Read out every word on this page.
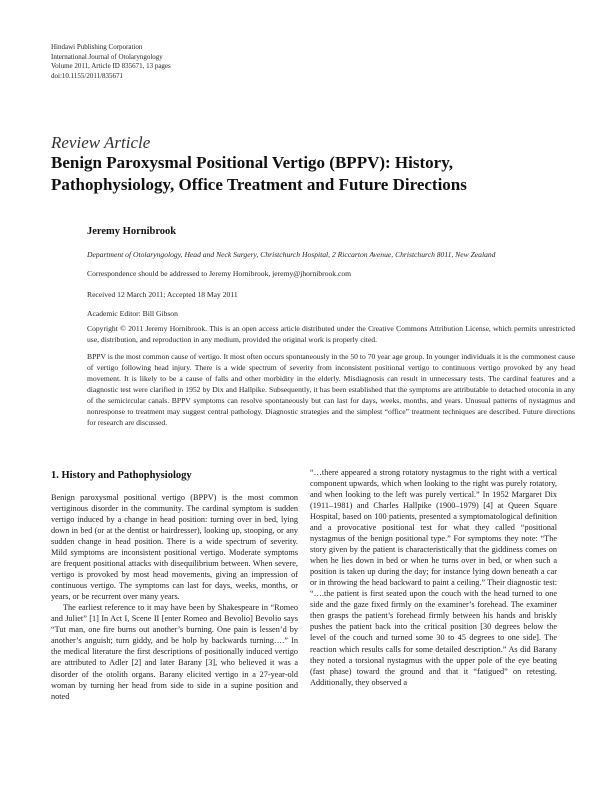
Hindawi Publishing Corporation
International Journal of Otolaryngology
Volume 2011, Article ID 835671, 13 pages
doi:10.1155/2011/835671
Review Article
Benign Paroxysmal Positional Vertigo (BPPV): History,
Pathophysiology, Office Treatment and Future Directions
Jeremy Hornibrook
Department of Otolaryngology, Head and Neck Surgery, Christchurch Hospital, 2 Riccarton Avenue, Christchurch 8011, New Zealand
Correspondence should be addressed to Jeremy Hornibrook, jeremy@jhornibrook.com
Received 12 March 2011; Accepted 18 May 2011
Academic Editor: Bill Gibson
Copyright © 2011 Jeremy Hornibrook. This is an open access article distributed under the Creative Commons Attribution License, which permits unrestricted use, distribution, and reproduction in any medium, provided the original work is properly cited.
BPPV is the most common cause of vertigo. It most often occurs spontaneously in the 50 to 70 year age group. In younger individuals it is the commonest cause of vertigo following head injury. There is a wide spectrum of severity from inconsistent positional vertigo to continuous vertigo provoked by any head movement. It is likely to be a cause of falls and other morbidity in the elderly. Misdiagnosis can result in unnecessary tests. The cardinal features and a diagnostic test were clarified in 1952 by Dix and Hallpike. Subsequently, it has been established that the symptoms are attributable to detached otoconia in any of the semicircular canals. BPPV symptoms can resolve spontaneously but can last for days, weeks, months, and years. Unusual patterns of nystagmus and nonresponse to treatment may suggest central pathology. Diagnostic strategies and the simplest “office” treatment techniques are described. Future directions for research are discussed.
1. History and Pathophysiology

Benign paroxysmal positional vertigo (BPPV) is the most common vertiginous disorder in the community. The cardinal symptom is sudden vertigo induced by a change in head position: turning over in bed, lying down in bed (or at the dentist or hairdresser), looking up, stooping, or any sudden change in head position. There is a wide spectrum of severity. Mild symptoms are inconsistent positional vertigo. Moderate symptoms are frequent positional attacks with disequilibrium between. When severe, vertigo is provoked by most head movements, giving an impression of continuous vertigo. The symptoms can last for days, weeks, months, or years, or be recurrent over many years.

The earliest reference to it may have been by Shakespeare in “Romeo and Juliet” [1] In Act I, Scene II [enter Romeo and Bevolio] Bevolio says “Tut man, one fire burns out another’s burning. One pain is lessen’d by another’s anguish; turn giddy, and be holp by backwards turning….” In the medical literature the first descriptions of positionally induced vertigo are attributed to Adler [2] and later Barany [3], who believed it was a disorder of the otolith organs. Barany elicited vertigo in a 27-year-old woman by turning her head from side to side in a supine position and noted

“…there appeared a strong rotatory nystagmus to the right with a vertical component upwards, which when looking to the right was purely rotatory, and when looking to the left was purely vertical.” In 1952 Margaret Dix (1911–1981) and Charles Hallpike (1900–1979) [4] at Queen Square Hospital, based on 100 patients, presented a symptomatological definition and a provocative positional test for what they called “positional nystagmus of the benign positional type.” For symptoms they note: “The story given by the patient is characteristically that the giddiness comes on when he lies down in bed or when he turns over in bed, or when such a position is taken up during the day; for instance lying down beneath a car or in throwing the head backward to paint a ceiling.” Their diagnostic test: “….the patient is first seated upon the couch with the head turned to one side and the gaze fixed firmly on the examiner’s forehead. The examiner then grasps the patient’s forehead firmly between his hands and briskly pushes the patient back into the critical position [30 degrees below the level of the couch and turned some 30 to 45 degrees to one side]. The reaction which results calls for some detailed description.” As did Barany they noted a torsional nystagmus with the upper pole of the eye beating (fast phase) toward the ground and that it “fatigued” on retesting. Additionally, they observed a
